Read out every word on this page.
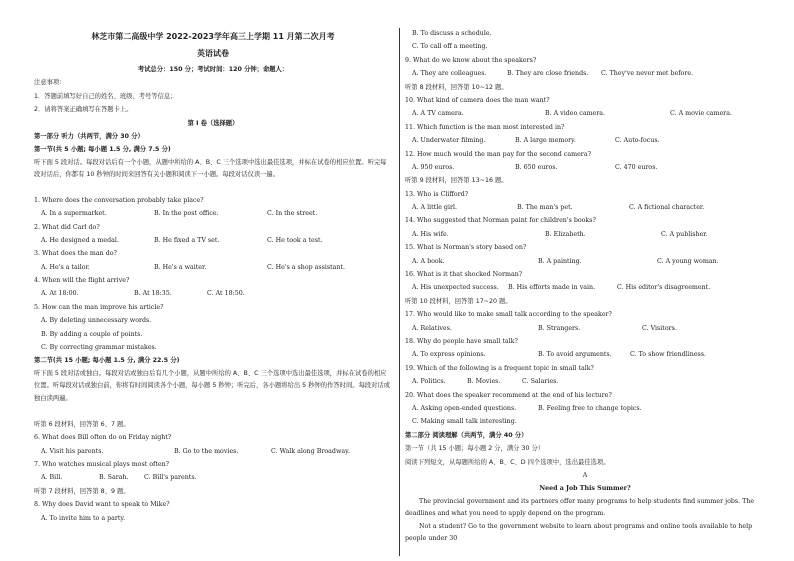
林芝市第二高级中学 2022-2023学年高三上学期 11 月第二次月考
英语试卷
考试总分：150 分；考试时间：120 分钟；命题人：
注意事项：
1．答题前填写好自己的姓名、班级、考号等信息；
2．请将答案正确填写在答题卡上。
第 I 卷（选择题）
第一部分 听力（共两节，满分 30 分）
第一节(共 5 小题; 每小题 1.5 分, 满分 7.5 分)
听下面 5 段对话。每段对话后有一个小题，从题中所给的 A、B、C 三个选项中选出最佳选项，并标在试卷的相应位置。听完每段对话后，你都有 10 秒钟的时间来回答有关小题和阅读下一小题。每段对话仅读一遍。
1. Where does the conversation probably take place?
A. In a supermarket.	B. In the post office.	C. In the street.
2. What did Carl do?
A. He designed a medal.	B. He fixed a TV set.	C. He took a test.
3. What does the man do?
A. He's a tailor.	B. He's a waiter.	C. He's a shop assistant.
4. When will the flight arrive?
A. At 18:00.	B. At 18:35.	C. At 18:50.
5. How can the man improve his article?
A. By deleting unnecessary words.
B. By adding a couple of points.
C. By correcting grammar mistakes.
第二节(共 15 小题; 每小题 1.5 分, 满分 22.5 分)
听下面 5 段对话或独白。每段对话或独白后有几个小题，从题中所给的 A、B、C 三个选项中选出最佳选项，并标在试卷的相应位置。听每段对话或独白前，你将有时间阅读各个小题，每小题 5 秒钟；听完后，各小题将给出 5 秒钟的作答时间。每段对话或独白读两遍。
听第 6 段材料，回答第 6、7 题。
6. What does Bill often do on Friday night?
A. Visit his parents.	B. Go to the movies.	C. Walk along Broadway.
7. Who watches musical plays most often?
A. Bill.	B. Sarah. C. Bill's parents.
听第 7 段材料，回答第 8、9 题。
8. Why does David want to speak to Mike?
A. To invite him to a party.
B. To discuss a schedule.
C. To call off a meeting.
9. What do we know about the speakers?
A. They are colleagues.	B. They are close friends. C. They've never met before.
听第 8 段材料，回答第 10~12 题。
10. What kind of camera does the man want?
A. A TV camera.	B. A video camera.	C. A movie camera.
11. Which function is the man most interested in?
A. Underwater filming.	B. A large memory.	C. Auto-focus.
12. How much would the man pay for the second camera?
A. 950 euros.	B. 650 euros.	C. 470 euros.
听第 9 段材料，回答第 13~16 题。
13. Who is Clifford?
A. A little girl.	B. The man's pet.	C. A fictional character.
14. Who suggested that Norman paint for children's books?
A. His wife.	B. Elizabeth.	C. A publisher.
15. What is Norman's story based on?
A. A book.	B. A painting.	C. A young woman.
16. What is it that shocked Norman?
A. His unexpected success. B. His efforts made in vain.	C. His editor's disagreement.
听第 10 段材料，回答第 17~20 题。
17. Who would like to make small talk according to the speaker?
A. Relatives.	B. Strangers.	C. Visitors.
18. Why do people have small talk?
A. To express opinions.	B. To avoid arguments.	C. To show friendliness.
19. Which of the following is a frequent topic in small talk?
A. Politics.	B. Movies.	C. Salaries.
20. What does the speaker recommend at the end of his lecture?
A. Asking open-ended questions.	B. Feeling free to change topics.
C. Making small talk interesting.
第二部分 阅读理解（共两节，满分 40 分）
第一节（共 15 小题；每小题 2 分，满分 30 分）
阅读下列短文，从每题所给的 A、B、C、D 四个选项中，选出最佳选项。
A
Need a Job This Summer?
The provincial government and its partners offer many programs to help students find summer jobs. The deadlines and what you need to apply depend on the program.
Not a student? Go to the government website to learn about programs and online tools available to help people under 30
